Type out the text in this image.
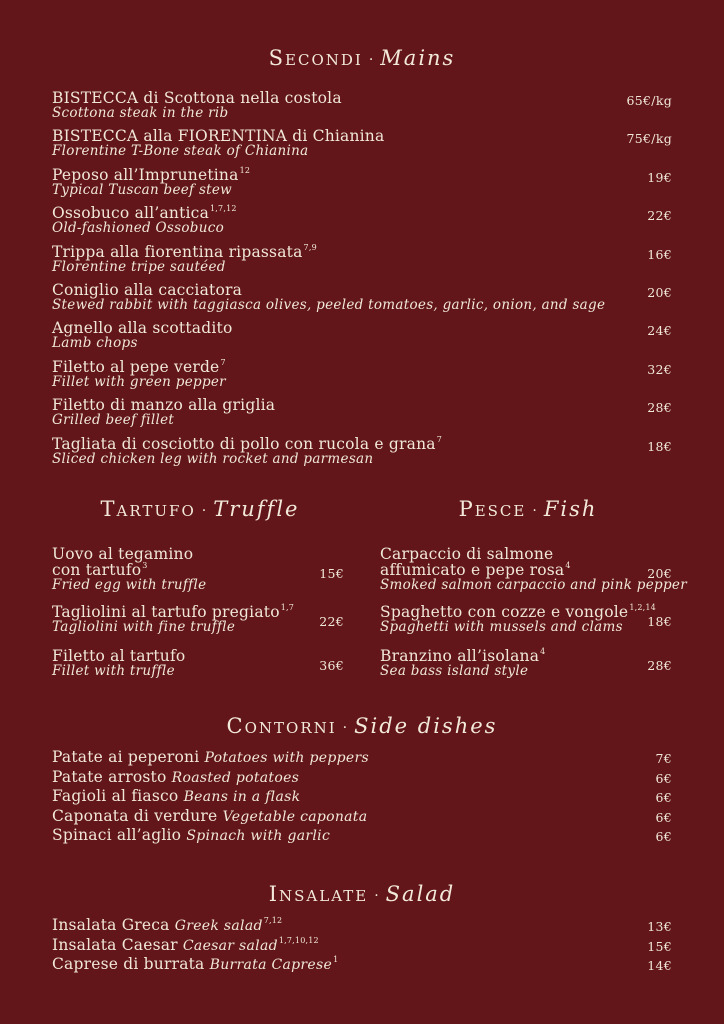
Secondi · Mains
BISTECCA di Scottona nella costola
Scottona steak in the rib
65€/kg
BISTECCA alla FIORENTINA di Chianina
Florentine T-Bone steak of Chianina
75€/kg
Peposo all’Imprunetina$^{12}$
Typical Tuscan beef stew
19€
Ossobuco all’antica$^{1,7,12}$
Old-fashioned Ossobuco
22€
Trippa alla fiorentina ripassata$^{7,9}$
Florentine tripe sautéed
16€
Coniglio alla cacciatora
Stewed rabbit with taggiasca olives, peeled tomatoes, garlic, onion, and sage
20€
Agnello alla scottadito
Lamb chops
24€
Filetto al pepe verde$^7$
Fillet with green pepper
32€
Filetto di manzo alla griglia
Grilled beef fillet
28€
Tagliata di cosciotto di pollo con rucola e grana$^7$
Sliced chicken leg with rocket and parmesan
18€
Tartufo · Truffle
Uovo al tegamino
con tartufo$^3$
Fried egg with truffle
15€
Tagliolini al tartufo pregiato$^{1,7}$
Tagliolini with fine truffle	22€
Filetto al tartufo
Fillet with truffle	36€
Pesce · Fish
Carpaccio di salmone
affumicato e pepe rosa$^4$
Smoked salmon carpaccio and pink pepper
20€
Spaghetto con cozze e vongole$^{1,2,14}$
Spaghetti with mussels and clams	18€
Branzino all’isolana$^4$
Sea bass island style	28€
Contorni · Side dishes
Patate ai peperoni Potatoes with peppers	7€
Patate arrosto Roasted potatoes	6€
Fagioli al fiasco Beans in a flask	6€
Caponata di verdure Vegetable caponata	6€
Spinaci all’aglio Spinach with garlic	6€
Insalate · Salad
Insalata Greca Greek salad$^{7,12}$	13€
Insalata Caesar Caesar salad$^{1,7,10,12}$	15€
Caprese di burrata Burrata Caprese$^1$	14€
